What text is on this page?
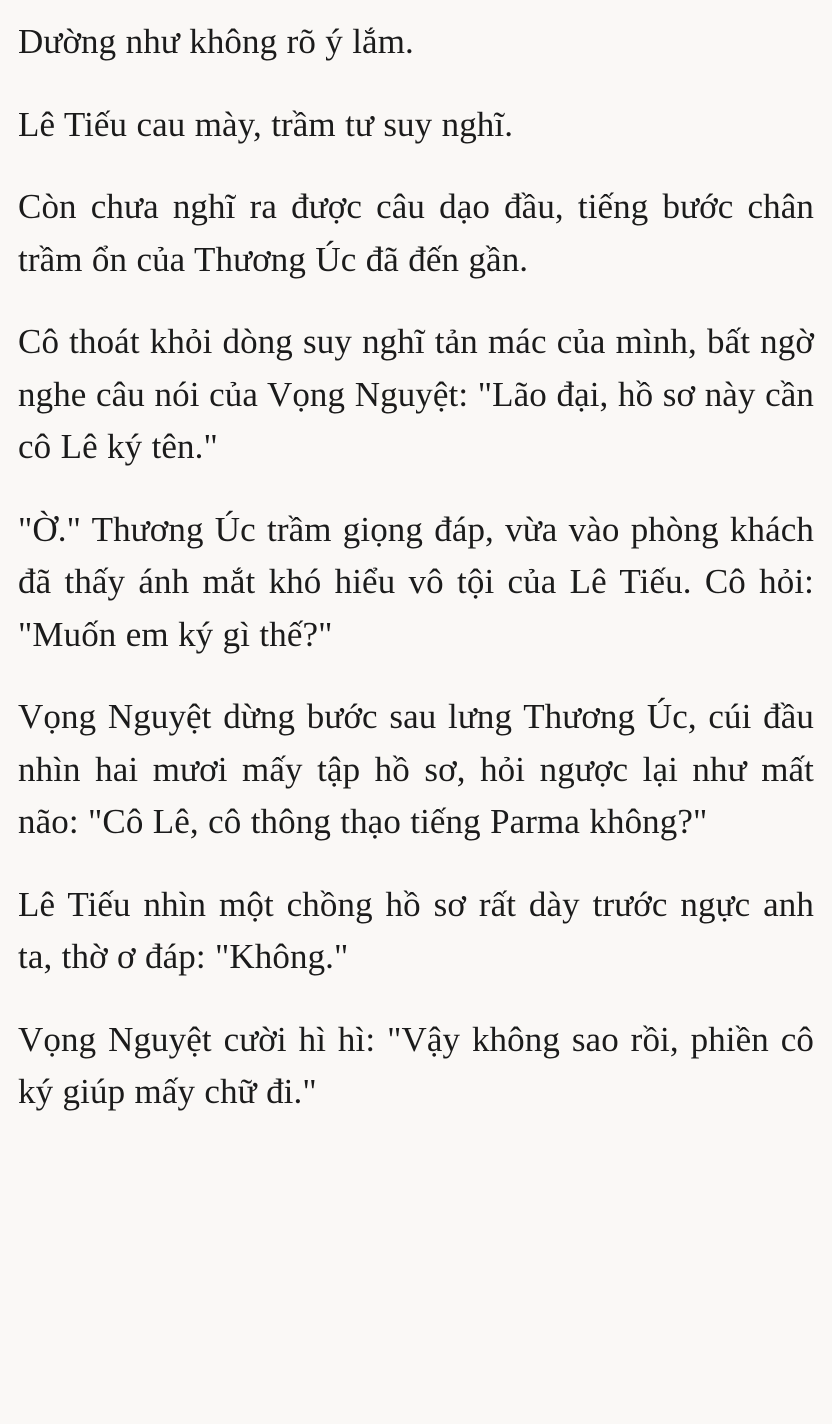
Dường như không rõ ý lắm.

Lê Tiếu cau mày, trầm tư suy nghĩ.

Còn chưa nghĩ ra được câu dạo đầu, tiếng bước chân trầm ổn của Thương Úc đã đến gần.

Cô thoát khỏi dòng suy nghĩ tản mác của mình, bất ngờ nghe câu nói của Vọng Nguyệt: "Lão đại, hồ sơ này cần cô Lê ký tên."

"Ờ." Thương Úc trầm giọng đáp, vừa vào phòng khách đã thấy ánh mắt khó hiểu vô tội của Lê Tiếu. Cô hỏi: "Muốn em ký gì thế?"

Vọng Nguyệt dừng bước sau lưng Thương Úc, cúi đầu nhìn hai mươi mấy tập hồ sơ, hỏi ngược lại như mất não: "Cô Lê, cô thông thạo tiếng Parma không?"

Lê Tiếu nhìn một chồng hồ sơ rất dày trước ngực anh ta, thờ ơ đáp: "Không."

Vọng Nguyệt cười hì hì: "Vậy không sao rồi, phiền cô ký giúp mấy chữ đi."
